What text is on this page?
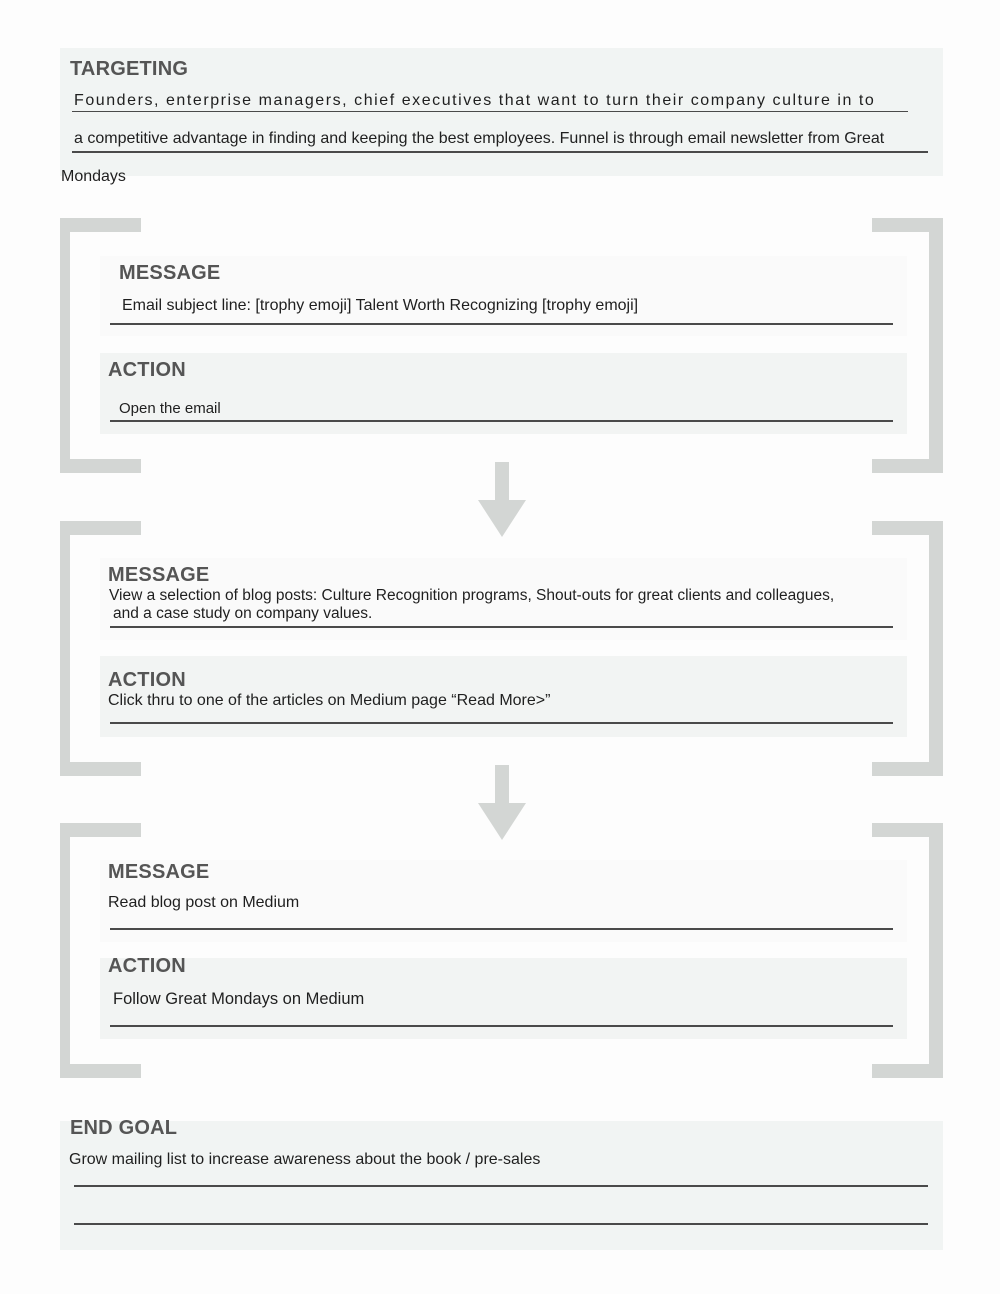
TARGETING
Founders, enterprise managers, chief executives that want to turn their company culture in to
a competitive advantage in finding and keeping the best employees. Funnel is through email newsletter from Great
Mondays
MESSAGE
Email subject line: [trophy emoji] Talent Worth Recognizing [trophy emoji]
ACTION
Open the email
MESSAGE
View a selection of blog posts: Culture Recognition programs, Shout-outs for great clients and colleagues,
and a case study on company values.
ACTION
Click thru to one of the articles on Medium page “Read More>”
MESSAGE
Read blog post on Medium
ACTION
Follow Great Mondays on Medium
END GOAL
Grow mailing list to increase awareness about the book / pre-sales
